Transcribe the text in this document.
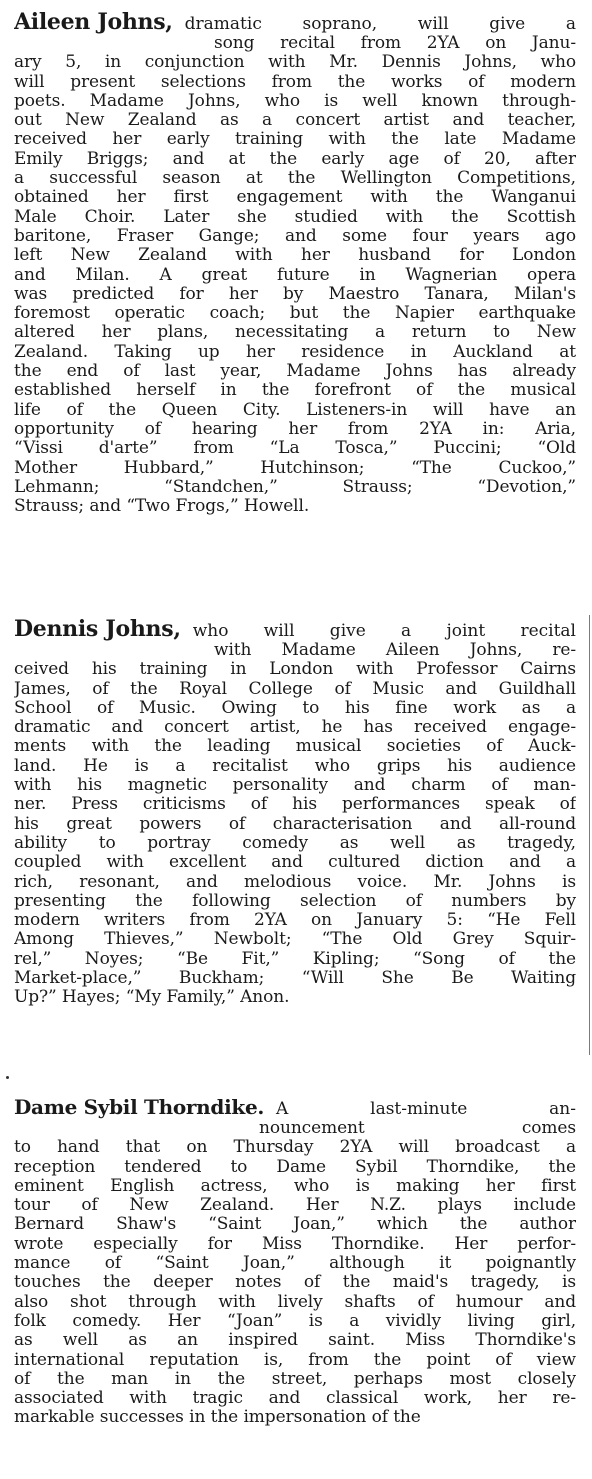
Aileen Johns, dramatic soprano, will give a
song recital from 2YA on Janu-
ary 5, in conjunction with Mr. Dennis Johns, who
will present selections from the works of modern
poets. Madame Johns, who is well known through-
out New Zealand as a concert artist and teacher,
received her early training with the late Madame
Emily Briggs; and at the early age of 20, after
a successful season at the Wellington Competitions,
obtained her first engagement with the Wanganui
Male Choir. Later she studied with the Scottish
baritone, Fraser Gange; and some four years ago
left New Zealand with her husband for London
and Milan. A great future in Wagnerian opera
was predicted for her by Maestro Tanara, Milan's
foremost operatic coach; but the Napier earthquake
altered her plans, necessitating a return to New
Zealand. Taking up her residence in Auckland at
the end of last year, Madame Johns has already
established herself in the forefront of the musical
life of the Queen City. Listeners-in will have an
opportunity of hearing her from 2YA in: Aria,
“Vissi d'arte” from “La Tosca,” Puccini; “Old
Mother Hubbard,” Hutchinson; “The Cuckoo,”
Lehmann; “Standchen,” Strauss; “Devotion,”
Strauss; and “Two Frogs,” Howell.
Dennis Johns, who will give a joint recital
with Madame Aileen Johns, re-
ceived his training in London with Professor Cairns
James, of the Royal College of Music and Guildhall
School of Music. Owing to his fine work as a
dramatic and concert artist, he has received engage-
ments with the leading musical societies of Auck-
land. He is a recitalist who grips his audience
with his magnetic personality and charm of man-
ner. Press criticisms of his performances speak of
his great powers of characterisation and all-round
ability to portray comedy as well as tragedy,
coupled with excellent and cultured diction and a
rich, resonant, and melodious voice. Mr. Johns is
presenting the following selection of numbers by
modern writers from 2YA on January 5: “He Fell
Among Thieves,” Newbolt; “The Old Grey Squir-
rel,” Noyes; “Be Fit,” Kipling; “Song of the
Market-place,” Buckham; “Will She Be Waiting
Up?” Hayes; “My Family,” Anon.
Dame Sybil Thorndike. A last-minute an-
nouncement comes
to hand that on Thursday 2YA will broadcast a
reception tendered to Dame Sybil Thorndike, the
eminent English actress, who is making her first
tour of New Zealand. Her N.Z. plays include
Bernard Shaw's “Saint Joan,” which the author
wrote especially for Miss Thorndike. Her perfor-
mance of “Saint Joan,” although it poignantly
touches the deeper notes of the maid's tragedy, is
also shot through with lively shafts of humour and
folk comedy. Her “Joan” is a vividly living girl,
as well as an inspired saint. Miss Thorndike's
international reputation is, from the point of view
of the man in the street, perhaps most closely
associated with tragic and classical work, her re-
markable successes in the impersonation of the
